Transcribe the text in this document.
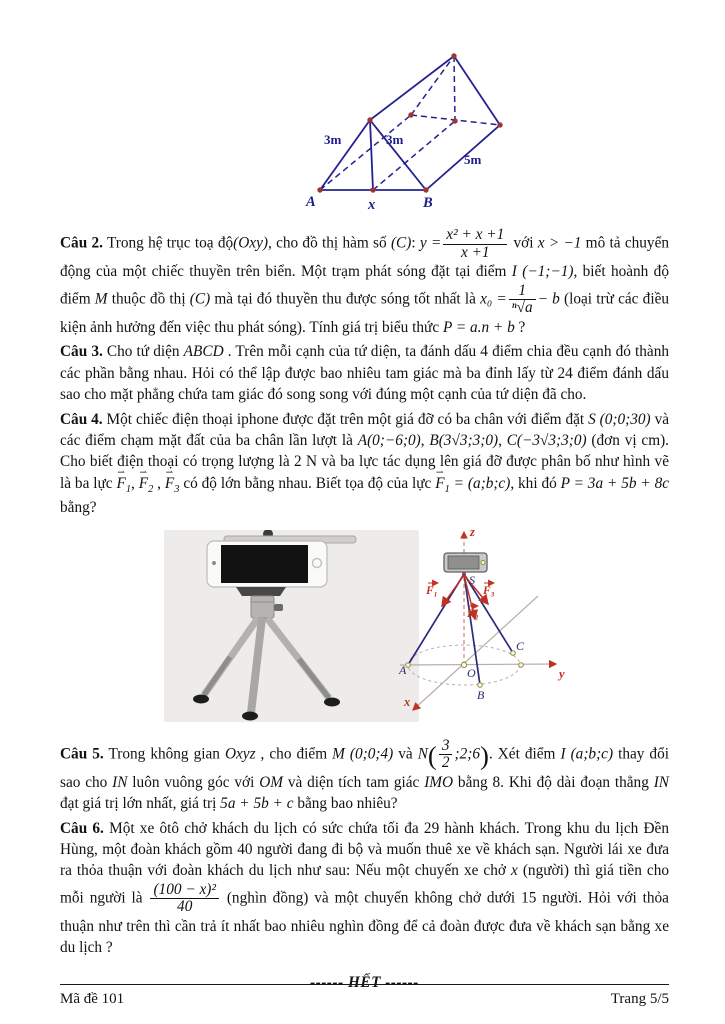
3m	3m
5m
A	x	B

Câu 2. Trong hệ trục toạ độ(Oxy), cho đồ thị hàm số (C): $y = \frac{\text{x² + x +1}}{x +1}$ với x > −1 mô tả chuyển động của một chiếc thuyền trên biển. Một trạm phát sóng đặt tại điểm I (−1;−1), biết hoành độ điểm M thuộc đồ thị (C) mà tại đó thuyền thu được sóng tốt nhất là $x_0 = \frac{1}{\text{ⁿ√a}} - b$ (loại trừ các điều kiện ảnh hưởng đến việc thu phát sóng). Tính giá trị biểu thức P = a.n + b ?

Câu 3. Cho tứ diện ABCD . Trên mỗi cạnh của tứ diện, ta đánh dấu 4 điểm chia đều cạnh đó thành các phần bằng nhau. Hỏi có thể lập được bao nhiêu tam giác mà ba đỉnh lấy từ 24 điểm đánh dấu sao cho mặt phẳng chứa tam giác đó song song với đúng một cạnh của tứ diện đã cho.

Câu 4. Một chiếc điện thoại iphone được đặt trên một giá đỡ có ba chân với điểm đặt S (0;0;30) và các điểm chạm mặt đất của ba chân lần lượt là A(0;−6;0), B(3√3;3;0), C(−3√3;3;0) (đơn vị cm). Cho biết điện thoại có trọng lượng là 2 N và ba lực tác dụng lên giá đỡ được phân bố như hình vẽ là ba lực ⇀ $F_1$, ⇀ $F_2$ , ⇀ $F_3$ có độ lớn bằng nhau. Biết tọa độ của lực ⇀ $F_1$ = (a;b;c), khi đó P = 3a + 5b + 8c bằng?

z
y
x
S
O
A
B
C
F₁
F₂
F₃

Câu 5. Trong không gian Oxyz , cho điểm M (0;0;4) và $N( \frac{3}{2}$ ;2;6). Xét điểm I (a;b;c) thay đổi sao cho IN luôn vuông góc với OM và diện tích tam giác IMO bằng 8. Khi độ dài đoạn thẳng IN đạt giá trị lớn nhất, giá trị 5a + 5b + c bằng bao nhiêu?

Câu 6. Một xe ôtô chở khách du lịch có sức chứa tối đa 29 hành khách. Trong khu du lịch Đền Hùng, một đoàn khách gồm 40 người đang đi bộ và muốn thuê xe về khách sạn. Người lái xe đưa ra thỏa thuận với đoàn khách du lịch như sau: Nếu một chuyến xe chở x (người) thì giá tiền cho mỗi người là $\frac{\text{(100 − x)²}}{40}$ (nghìn đồng) và một chuyến không chở dưới 15 người. Hỏi với thỏa thuận như trên thì cần trả ít nhất bao nhiêu nghìn đồng để cả đoàn được đưa về khách sạn bằng xe du lịch ?

------ HẾT ------
Mã đề 101	Trang 5/5
